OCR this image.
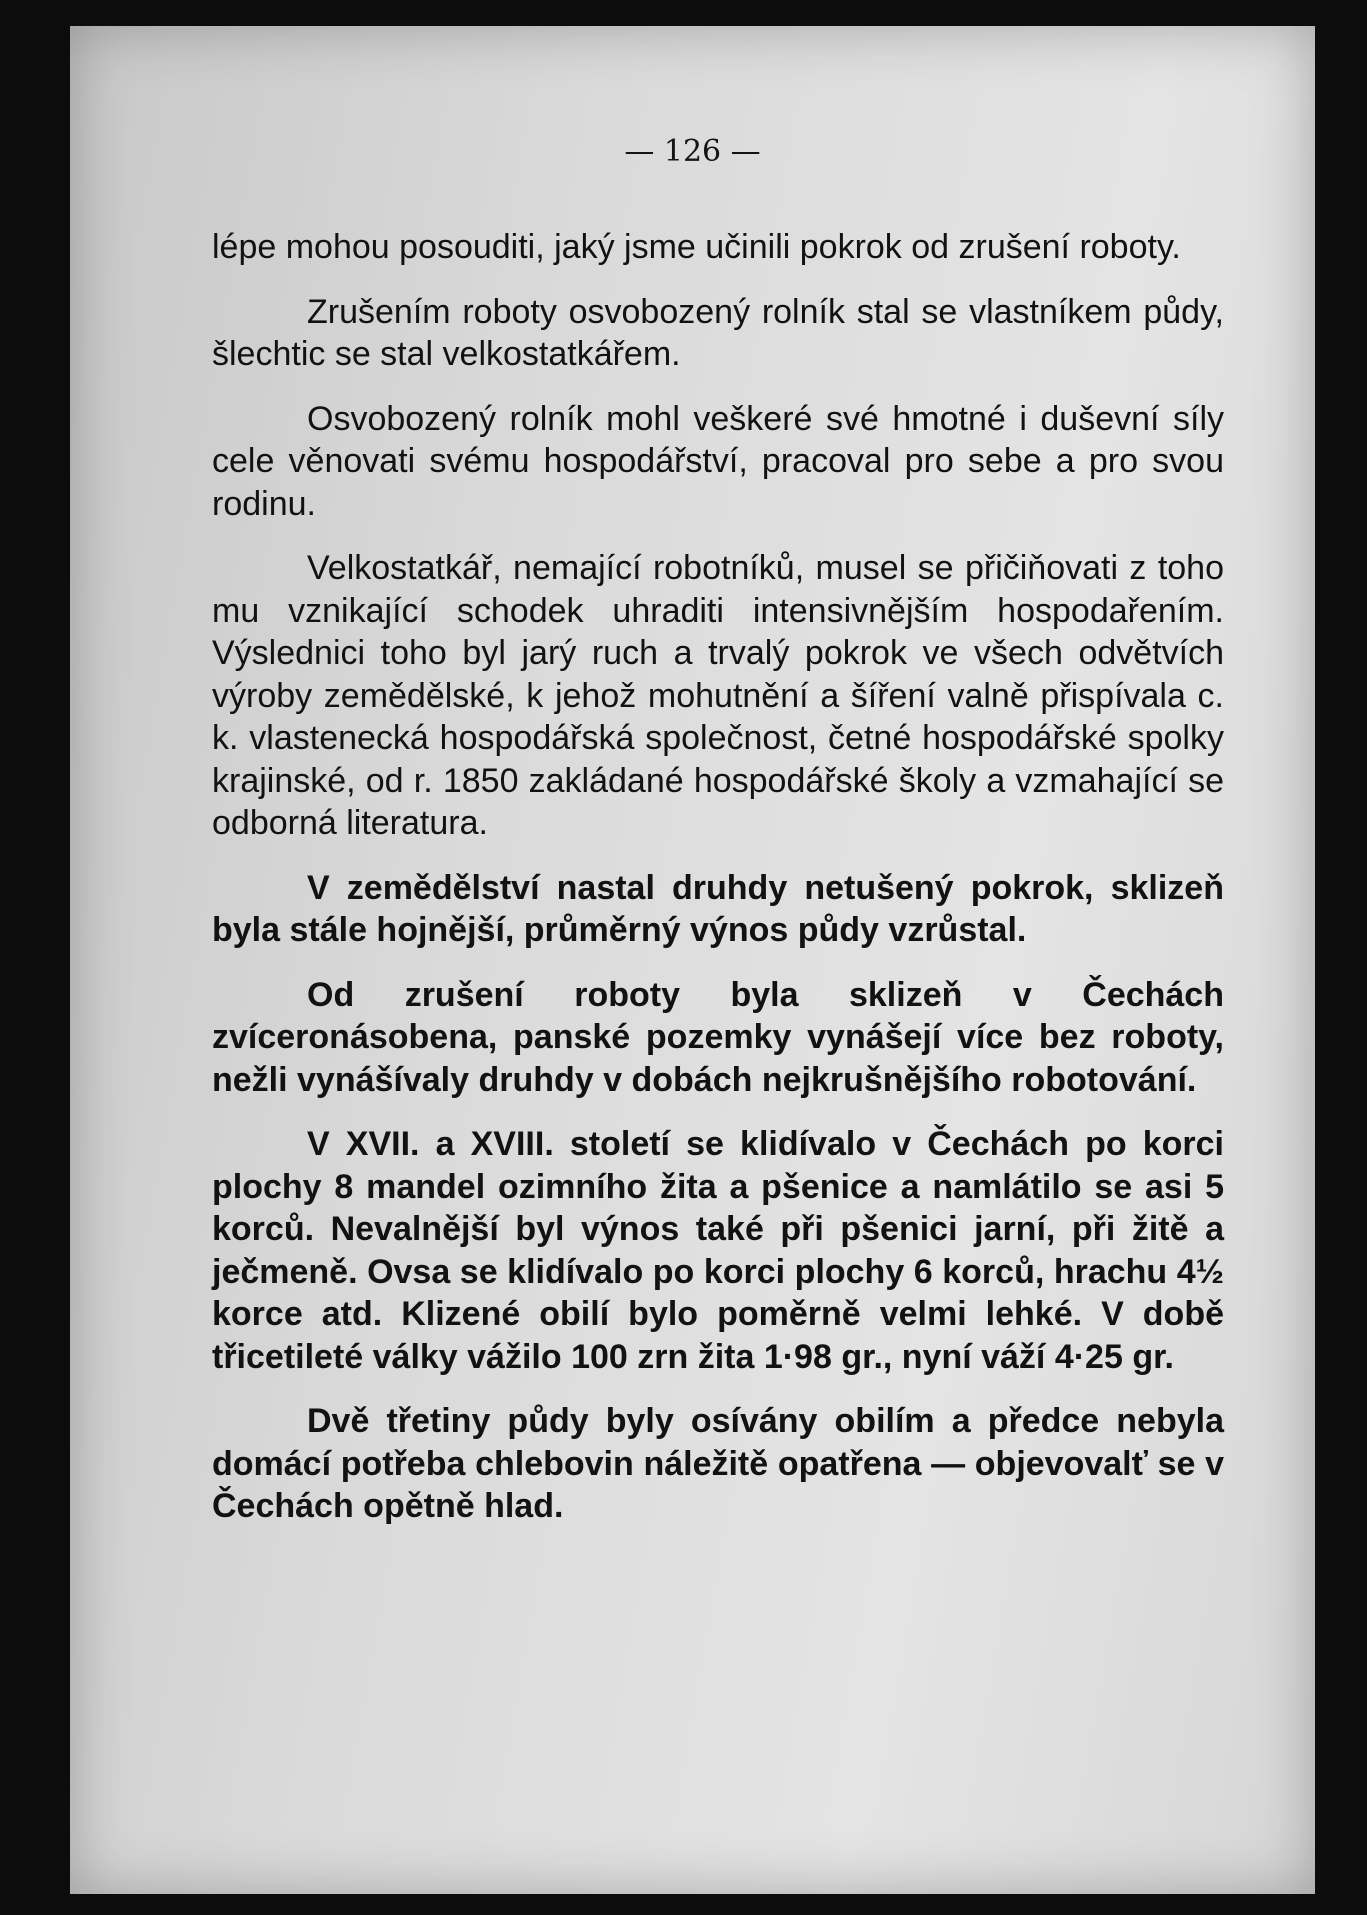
— 126 —

lépe mohou posouditi, jaký jsme učinili pokrok od zrušení roboty.

Zrušením roboty osvobozený rolník stal se vlastníkem půdy, šlechtic se stal velkostatkářem.

Osvobozený rolník mohl veškeré své hmotné i duševní síly cele věnovati svému hospodářství, pracoval pro sebe a pro svou rodinu.

Velkostatkář, nemající robotníků, musel se přičiňovati z toho mu vznikající schodek uhraditi intensivnějším hospodařením. Výslednici toho byl jarý ruch a trvalý pokrok ve všech odvětvích výroby zemědělské, k jehož mohutnění a šíření valně přispívala c. k. vlastenecká hospodářská společnost, četné hospodářské spolky krajinské, od r. 1850 zakládané hospodářské školy a vzmahající se odborná literatura.

V zemědělství nastal druhdy netušený pokrok, sklizeň byla stále hojnější, průměrný výnos půdy vzrůstal.

Od zrušení roboty byla sklizeň v Čechách zvíceronásobena, panské pozemky vynášejí více bez roboty, nežli vynášívaly druhdy v dobách nejkrušnějšího robotování.

V XVII. a XVIII. století se klidívalo v Čechách po korci plochy 8 mandel ozimního žita a pšenice a namlátilo se asi 5 korců. Nevalnější byl výnos také při pšenici jarní, při žitě a ječmeně. Ovsa se klidívalo po korci plochy 6 korců, hrachu 4½ korce atd. Klizené obilí bylo poměrně velmi lehké. V době třicetileté války vážilo 100 zrn žita 1·98 gr., nyní váží 4·25 gr.

Dvě třetiny půdy byly osívány obilím a předce nebyla domácí potřeba chlebovin náležitě opatřena — objevovalť se v Čechách opětně hlad.
